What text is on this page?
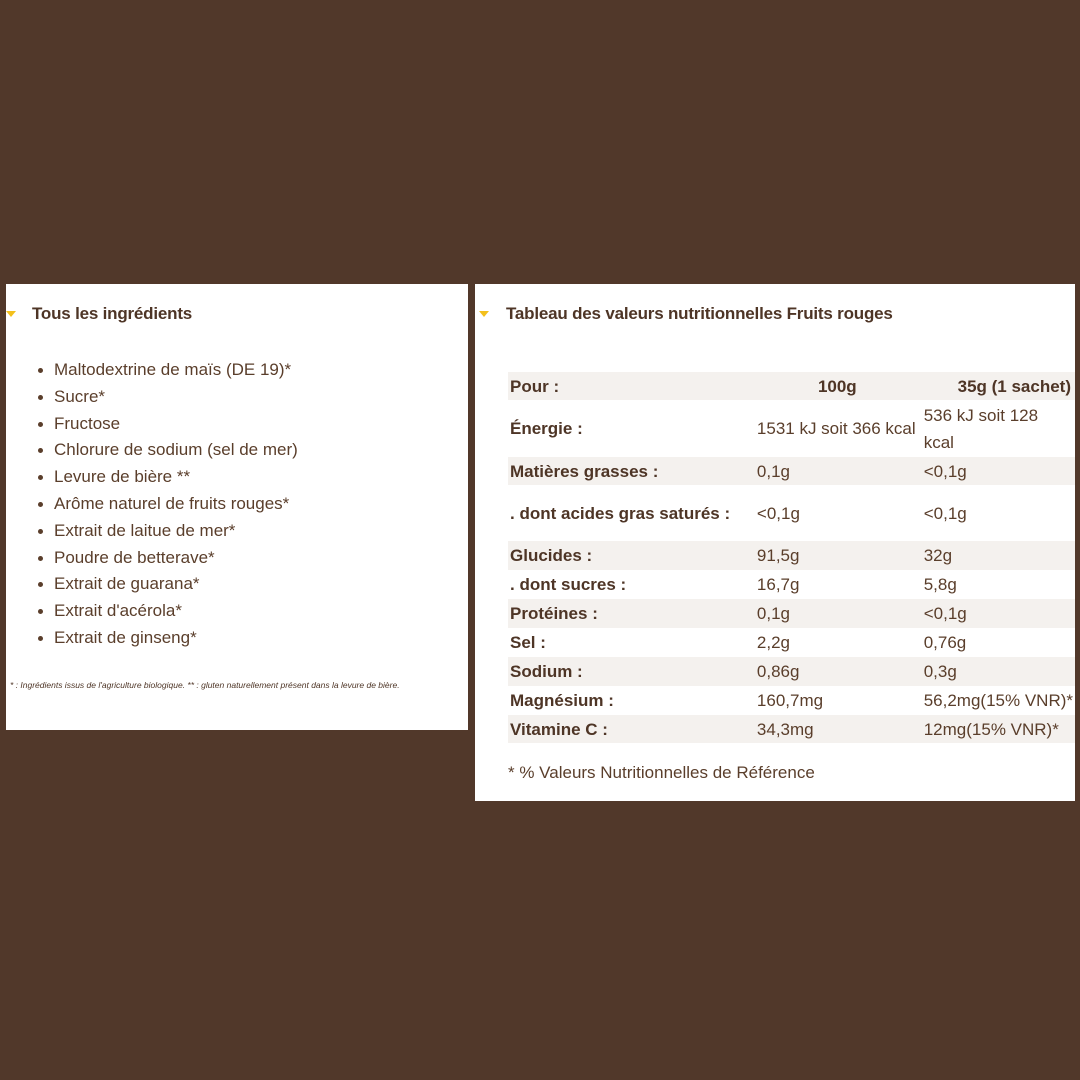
Tous les ingrédients
Maltodextrine de maïs (DE 19)*
Sucre*
Fructose
Chlorure de sodium (sel de mer)
Levure de bière **
Arôme naturel de fruits rouges*
Extrait de laitue de mer*
Poudre de betterave*
Extrait de guarana*
Extrait d'acérola*
Extrait de ginseng*
* : Ingrédients issus de l'agriculture biologique. ** : gluten naturellement présent dans la levure de bière.
Tableau des valeurs nutritionnelles Fruits rouges
Pour :	100g	35g (1 sachet)
Énergie :	1531 kJ soit 366 kcal	536 kJ soit 128 kcal
Matières grasses :	0,1g	<0,1g
. dont acides gras saturés :	<0,1g	<0,1g
Glucides :	91,5g	32g
. dont sucres :	16,7g	5,8g
Protéines :	0,1g	<0,1g
Sel :	2,2g	0,76g
Sodium :	0,86g	0,3g
Magnésium :	160,7mg	56,2mg(15% VNR)*
Vitamine C :	34,3mg	12mg(15% VNR)*
* % Valeurs Nutritionnelles de Référence
